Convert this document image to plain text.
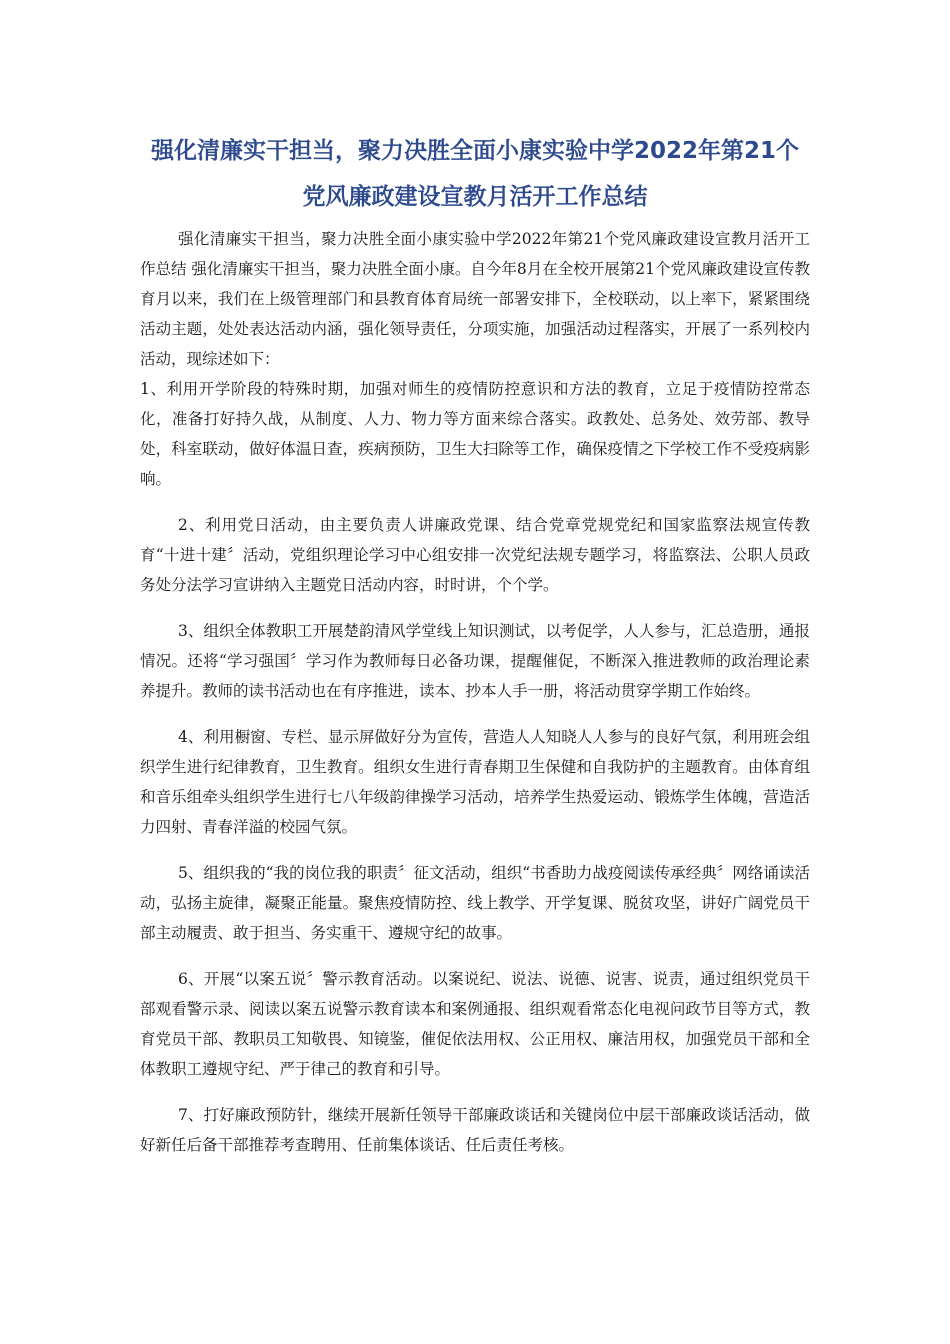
强化清廉实干担当，聚力决胜全面小康实验中学2022年第21个党风廉政建设宣教月活开工作总结

强化清廉实干担当，聚力决胜全面小康实验中学2022年第21个党风廉政建设宣教月活开工作总结 强化清廉实干担当，聚力决胜全面小康。自今年8月在全校开展第21个党风廉政建设宣传教育月以来，我们在上级管理部门和县教育体育局统一部署安排下，全校联动，以上率下，紧紧围绕活动主题，处处表达活动内涵，强化领导责任，分项实施，加强活动过程落实，开展了一系列校内活动，现综述如下：

1、利用开学阶段的特殊时期，加强对师生的疫情防控意识和方法的教育，立足于疫情防控常态化，准备打好持久战，从制度、人力、物力等方面来综合落实。政教处、总务处、效劳部、教导处，科室联动，做好体温日查，疾病预防，卫生大扫除等工作，确保疫情之下学校工作不受疫病影响。

2、利用党日活动，由主要负责人讲廉政党课、结合党章党规党纪和国家监察法规宣传教育“十进十建〞活动，党组织理论学习中心组安排一次党纪法规专题学习，将监察法、公职人员政务处分法学习宣讲纳入主题党日活动内容，时时讲，个个学。

3、组织全体教职工开展楚韵清风学堂线上知识测试，以考促学，人人参与，汇总造册，通报情况。还将“学习强国〞学习作为教师每日必备功课，提醒催促，不断深入推进教师的政治理论素养提升。教师的读书活动也在有序推进，读本、抄本人手一册，将活动贯穿学期工作始终。

4、利用橱窗、专栏、显示屏做好分为宣传，营造人人知晓人人参与的良好气氛，利用班会组织学生进行纪律教育，卫生教育。组织女生进行青春期卫生保健和自我防护的主题教育。由体育组和音乐组牵头组织学生进行七八年级韵律操学习活动，培养学生热爱运动、锻炼学生体魄，营造活力四射、青春洋溢的校园气氛。

5、组织我的“我的岗位我的职责〞征文活动，组织“书香助力战疫阅读传承经典〞网络诵读活动，弘扬主旋律，凝聚正能量。聚焦疫情防控、线上教学、开学复课、脱贫攻坚，讲好广阔党员干部主动履责、敢于担当、务实重干、遵规守纪的故事。

6、开展“以案五说〞警示教育活动。以案说纪、说法、说德、说害、说责，通过组织党员干部观看警示录、阅读以案五说警示教育读本和案例通报、组织观看常态化电视问政节目等方式，教育党员干部、教职员工知敬畏、知镜鉴，催促依法用权、公正用权、廉洁用权，加强党员干部和全体教职工遵规守纪、严于律己的教育和引导。

7、打好廉政预防针，继续开展新任领导干部廉政谈话和关键岗位中层干部廉政谈话活动，做好新任后备干部推荐考查聘用、任前集体谈话、任后责任考核。
